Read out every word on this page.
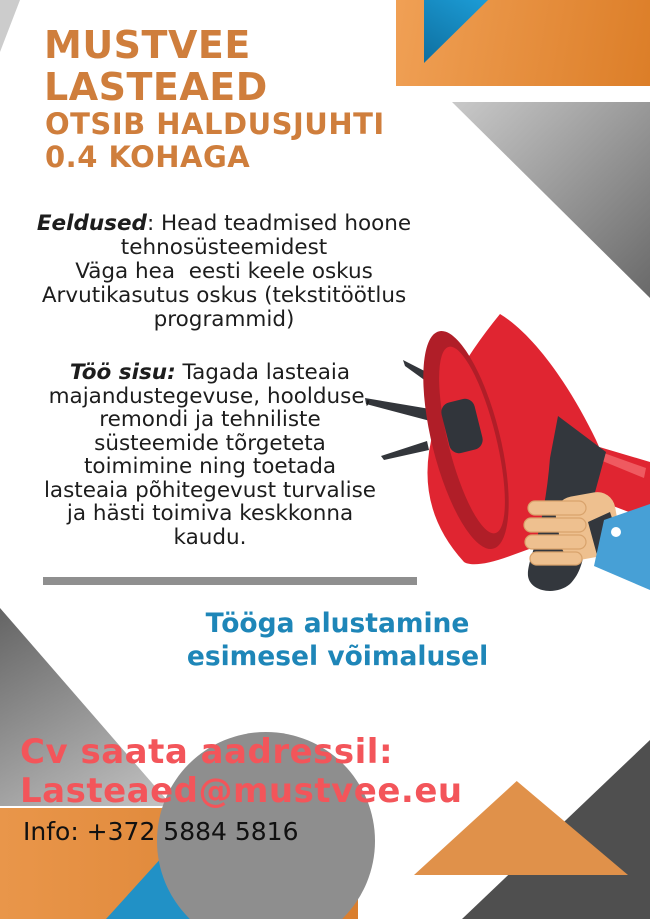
MUSTVEE
LASTEAED
OTSIB HALDUSJUHTI
0.4 KOHAGA
Eeldused: Head teadmised hoone tehnosüsteemidest
Väga hea  eesti keele oskus
Arvutikasutus oskus (tekstitöötlus programmid)
Töö sisu: Tagada lasteaia majandustegevuse, hoolduse, remondi ja tehniliste süsteemide tõrgeteta toimimine ning toetada lasteaia põhitegevust turvalise ja hästi toimiva keskkonna kaudu.
Tööga alustamine
esimesel võimalusel
Cv saata aadressil:
Lasteaed@mustvee.eu
Info: +372 5884 5816
